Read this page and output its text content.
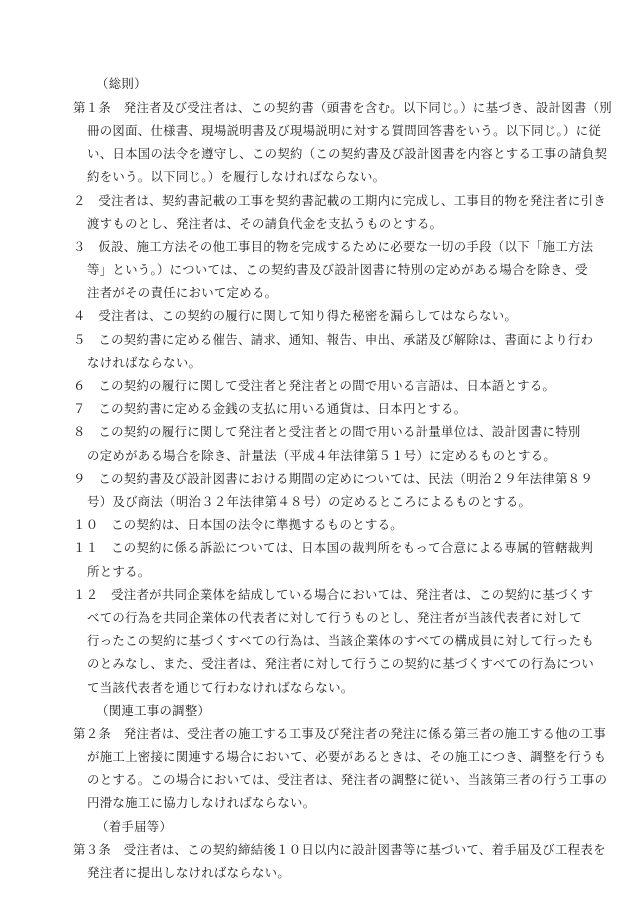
（総則）
第１条　発注者及び受注者は、この契約書（頭書を含む。以下同じ。）に基づき、設計図書（別
冊の図面、仕様書、現場説明書及び現場説明に対する質問回答書をいう。以下同じ。）に従
い、日本国の法令を遵守し、この契約（この契約書及び設計図書を内容とする工事の請負契
約をいう。以下同じ。）を履行しなければならない。
２　受注者は、契約書記載の工事を契約書記載の工期内に完成し、工事目的物を発注者に引き
渡すものとし、発注者は、その請負代金を支払うものとする。
３　仮設、施工方法その他工事目的物を完成するために必要な一切の手段（以下「施工方法
等」という。）については、この契約書及び設計図書に特別の定めがある場合を除き、受
注者がその責任において定める。
４　受注者は、この契約の履行に関して知り得た秘密を漏らしてはならない。
５　この契約書に定める催告、請求、通知、報告、申出、承諾及び解除は、書面により行わ
なければならない。
６　この契約の履行に関して受注者と発注者との間で用いる言語は、日本語とする。
７　この契約書に定める金銭の支払に用いる通貨は、日本円とする。
８　この契約の履行に関して発注者と受注者との間で用いる計量単位は、設計図書に特別
の定めがある場合を除き、計量法（平成４年法律第５１号）に定めるものとする。
９　この契約書及び設計図書における期間の定めについては、民法（明治２９年法律第８９
号）及び商法（明治３２年法律第４８号）の定めるところによるものとする。
１０　この契約は、日本国の法令に準拠するものとする。
１１　この契約に係る訴訟については、日本国の裁判所をもって合意による専属的管轄裁判
所とする。
１２　受注者が共同企業体を結成している場合においては、発注者は、この契約に基づくす
べての行為を共同企業体の代表者に対して行うものとし、発注者が当該代表者に対して
行ったこの契約に基づくすべての行為は、当該企業体のすべての構成員に対して行ったも
のとみなし、また、受注者は、発注者に対して行うこの契約に基づくすべての行為につい
て当該代表者を通じて行わなければならない。
（関連工事の調整）
第２条　発注者は、受注者の施工する工事及び発注者の発注に係る第三者の施工する他の工事
が施工上密接に関連する場合において、必要があるときは、その施工につき、調整を行うも
のとする。この場合においては、受注者は、発注者の調整に従い、当該第三者の行う工事の
円滑な施工に協力しなければならない。
（着手届等）
第３条　受注者は、この契約締結後１０日以内に設計図書等に基づいて、着手届及び工程表を
発注者に提出しなければならない。
